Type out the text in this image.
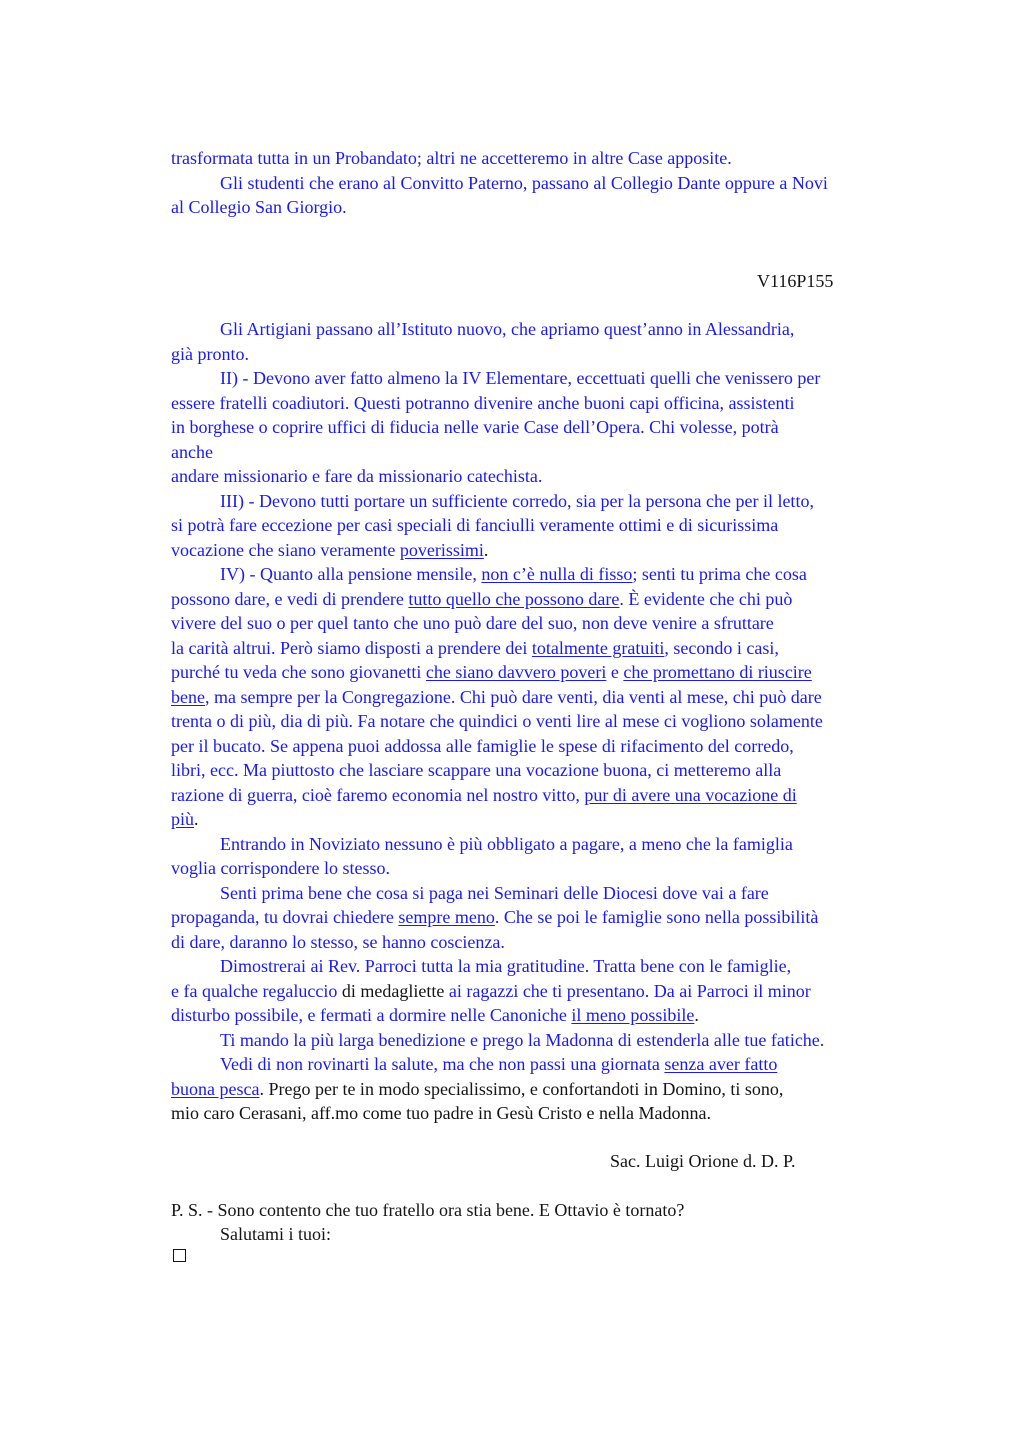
trasformata tutta in un Probandato; altri ne accetteremo in altre Case apposite.
Gli studenti che erano al Convitto Paterno, passano al Collegio Dante oppure a Novi
al Collegio San Giorgio.
V116P155
Gli Artigiani passano all’Istituto nuovo, che apriamo quest’anno in Alessandria,
già pronto.
II) - Devono aver fatto almeno la IV Elementare, eccettuati quelli che venissero per
essere fratelli coadiutori. Questi potranno divenire anche buoni capi officina, assistenti
in borghese o coprire uffici di fiducia nelle varie Case dell’Opera. Chi volesse, potrà
anche
andare missionario e fare da missionario catechista.
III) - Devono tutti portare un sufficiente corredo, sia per la persona che per il letto,
si potrà fare eccezione per casi speciali di fanciulli veramente ottimi e di sicurissima
vocazione che siano veramente poverissimi.
IV) - Quanto alla pensione mensile, non c’è nulla di fisso; senti tu prima che cosa
possono dare, e vedi di prendere tutto quello che possono dare. È evidente che chi può
vivere del suo o per quel tanto che uno può dare del suo, non deve venire a sfruttare
la carità altrui. Però siamo disposti a prendere dei totalmente gratuiti, secondo i casi,
purché tu veda che sono giovanetti che siano davvero poveri e che promettano di riuscire
bene, ma sempre per la Congregazione. Chi può dare venti, dia venti al mese, chi può dare
trenta o di più, dia di più. Fa notare che quindici o venti lire al mese ci vogliono solamente
per il bucato. Se appena puoi addossa alle famiglie le spese di rifacimento del corredo,
libri, ecc. Ma piuttosto che lasciare scappare una vocazione buona, ci metteremo alla
razione di guerra, cioè faremo economia nel nostro vitto, pur di avere una vocazione di
più.
Entrando in Noviziato nessuno è più obbligato a pagare, a meno che la famiglia
voglia corrispondere lo stesso.
Senti prima bene che cosa si paga nei Seminari delle Diocesi dove vai a fare
propaganda, tu dovrai chiedere sempre meno. Che se poi le famiglie sono nella possibilità
di dare, daranno lo stesso, se hanno coscienza.
Dimostrerai ai Rev. Parroci tutta la mia gratitudine. Tratta bene con le famiglie,
e fa qualche regaluccio di medagliette ai ragazzi che ti presentano. Da ai Parroci il minor
disturbo possibile, e fermati a dormire nelle Canoniche il meno possibile.
Ti mando la più larga benedizione e prego la Madonna di estenderla alle tue fatiche.
Vedi di non rovinarti la salute, ma che non passi una giornata senza aver fatto
buona pesca. Prego per te in modo specialissimo, e confortandoti in Domino, ti sono,
mio caro Cerasani, aff.mo come tuo padre in Gesù Cristo e nella Madonna.
Sac. Luigi Orione d. D. P.
P. S. - Sono contento che tuo fratello ora stia bene. E Ottavio è tornato?
Salutami i tuoi:
